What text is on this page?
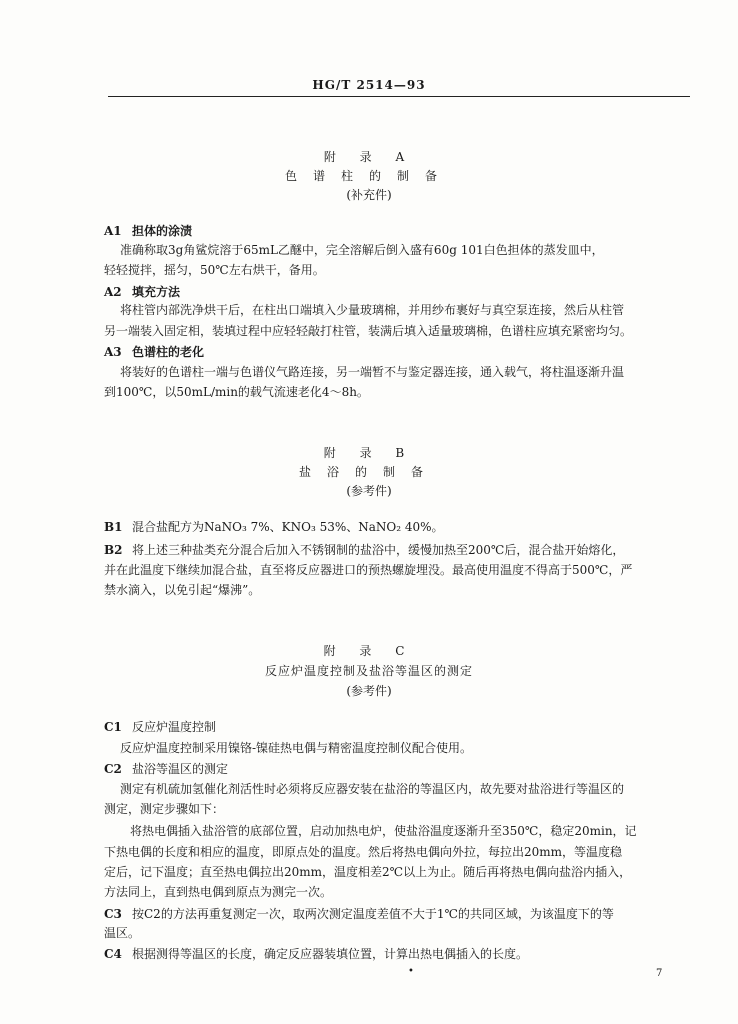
HG/T 2514—93
附 录 A
色谱柱的制备
(补充件)
A1 担体的涂渍
准确称取3g角鲨烷溶于65mL乙醚中，完全溶解后倒入盛有60g 101白色担体的蒸发皿中，
轻轻搅拌，摇匀，50℃左右烘干，备用。
A2 填充方法
将柱管内部洗净烘干后，在柱出口端填入少量玻璃棉，并用纱布裹好与真空泵连接，然后从柱管
另一端装入固定相，装填过程中应轻轻敲打柱管，装满后填入适量玻璃棉，色谱柱应填充紧密均匀。
A3 色谱柱的老化
将装好的色谱柱一端与色谱仪气路连接，另一端暂不与鉴定器连接，通入载气，将柱温逐渐升温
到100℃，以50mL/min的载气流速老化4～8h。
附 录 B
盐浴的制备
(参考件)
B1 混合盐配方为NaNO₃ 7%、KNO₃ 53%、NaNO₂ 40%。
B2 将上述三种盐类充分混合后加入不锈钢制的盐浴中，缓慢加热至200℃后，混合盐开始熔化，
并在此温度下继续加混合盐，直至将反应器进口的预热螺旋埋没。最高使用温度不得高于500℃，严
禁水滴入，以免引起“爆沸”。
附 录 C
反应炉温度控制及盐浴等温区的测定
(参考件)
C1 反应炉温度控制
反应炉温度控制采用镍铬-镍硅热电偶与精密温度控制仪配合使用。
C2 盐浴等温区的测定
测定有机硫加氢催化剂活性时必须将反应器安装在盐浴的等温区内，故先要对盐浴进行等温区的
测定，测定步骤如下：
将热电偶插入盐浴管的底部位置，启动加热电炉，使盐浴温度逐渐升至350℃，稳定20min，记
下热电偶的长度和相应的温度，即原点处的温度。然后将热电偶向外拉，每拉出20mm，等温度稳
定后，记下温度；直至热电偶拉出20mm，温度相差2℃以上为止。随后再将热电偶向盐浴内插入，
方法同上，直到热电偶到原点为测完一次。
C3 按C2的方法再重复测定一次，取两次测定温度差值不大于1℃的共同区域，为该温度下的等
温区。
C4 根据测得等温区的长度，确定反应器装填位置，计算出热电偶插入的长度。
•	7
